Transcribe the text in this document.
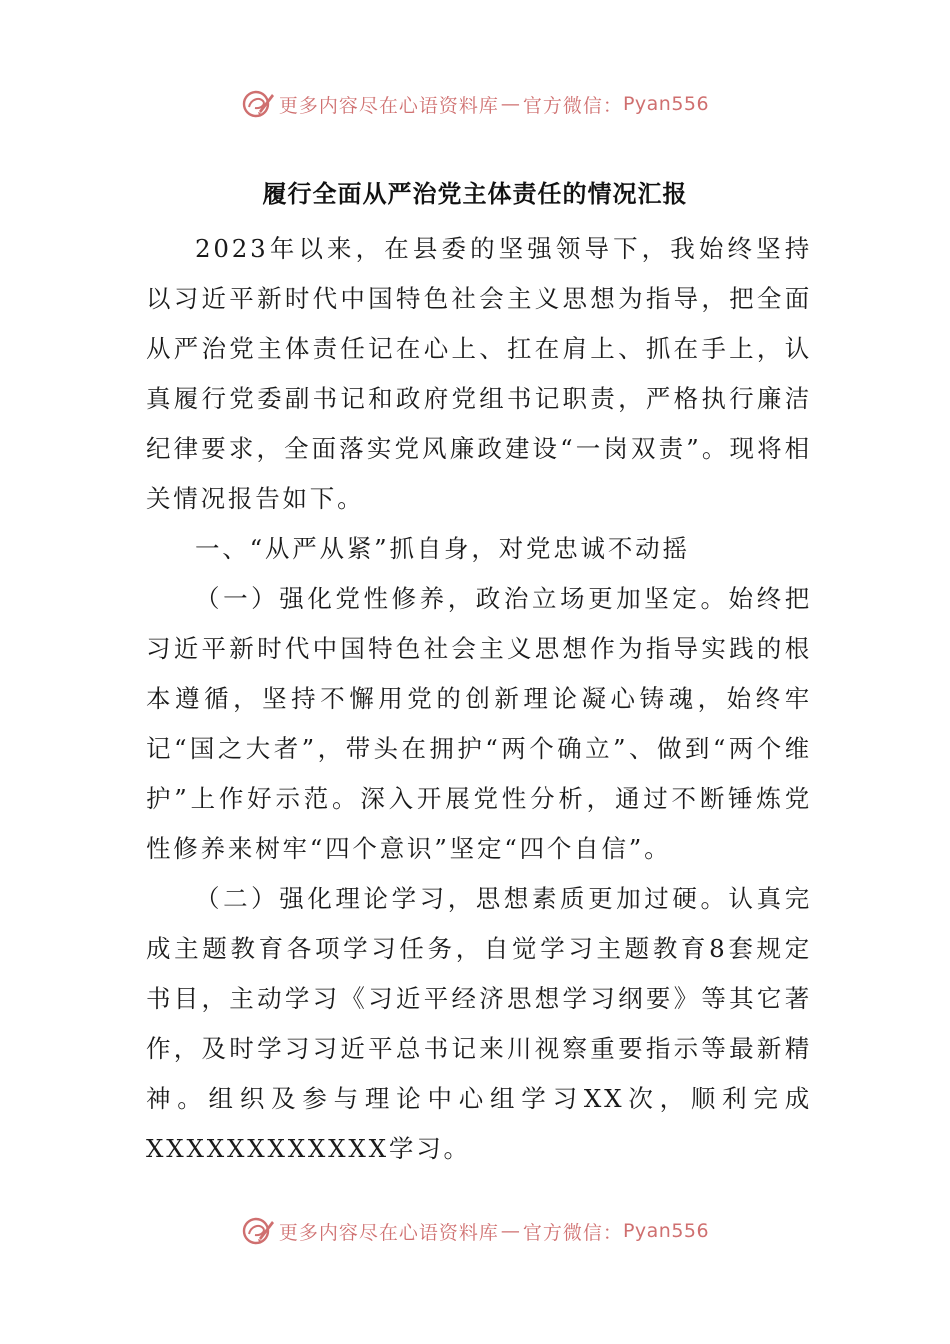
更多内容尽在心语资料库 — 官方微信： Pyan556
履行全面从严治党主体责任的情况汇报

2023年以来，在县委的坚强领导下，我始终坚持以习近平新时代中国特色社会主义思想为指导，把全面从严治党主体责任记在心上、扛在肩上、抓在手上，认真履行党委副书记和政府党组书记职责，严格执行廉洁纪律要求，全面落实党风廉政建设“一岗双责”。现将相关情况报告如下。

一、“从严从紧”抓自身，对党忠诚不动摇

（一）强化党性修养，政治立场更加坚定。始终把习近平新时代中国特色社会主义思想作为指导实践的根本遵循，坚持不懈用党的创新理论凝心铸魂，始终牢记“国之大者”，带头在拥护“两个确立”、做到“两个维护”上作好示范。深入开展党性分析，通过不断锤炼党性修养来树牢“四个意识”坚定“四个自信”。

（二）强化理论学习，思想素质更加过硬。认真完成主题教育各项学习任务，自觉学习主题教育8套规定书目，主动学习《习近平经济思想学习纲要》等其它著作，及时学习习近平总书记来川视察重要指示等最新精神。组织及参与理论中心组学习XX次，顺利完成XXXXXXXXXXXX学习。

更多内容尽在心语资料库 — 官方微信： Pyan556
